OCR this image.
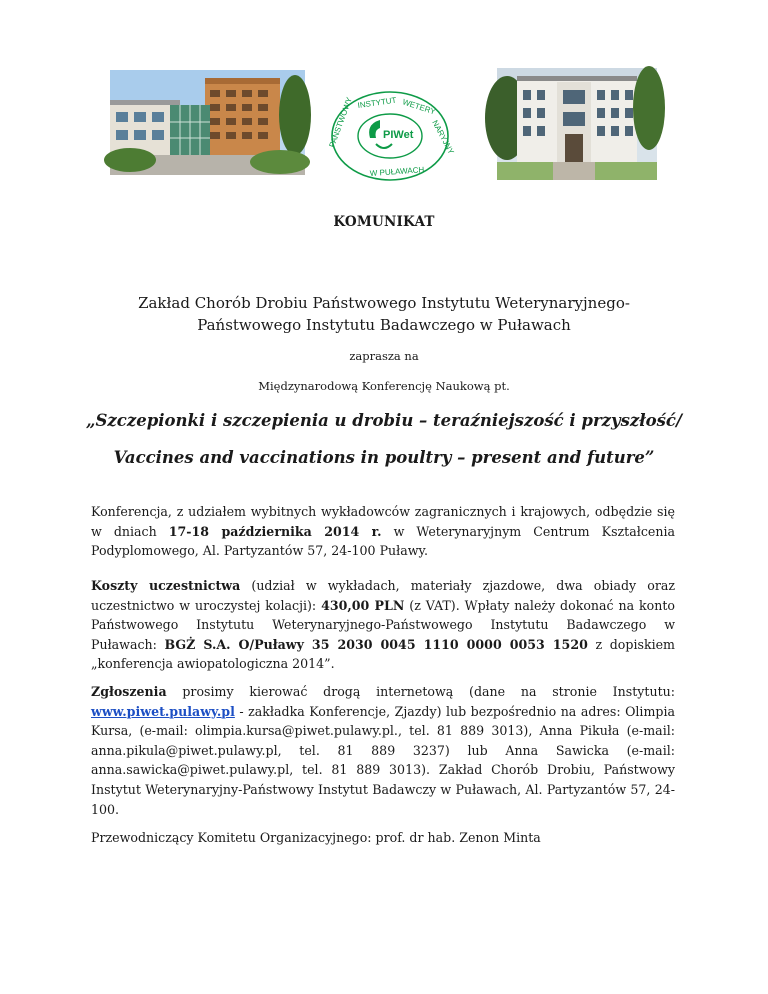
PIWet
INSTYTUT WETERY
NARYJNY
PAŃSTWOWY
W PUŁAWACH
KOMUNIKAT
Zakład Chorób Drobiu Państwowego Instytutu Weterynaryjnego-
Państwowego Instytutu Badawczego w Puławach
zaprasza na
Międzynarodową Konferencję Naukową pt.
„Szczepionki i szczepienia u drobiu – teraźniejszość i przyszłość/
Vaccines and vaccinations in poultry – present and future”

Konferencja, z udziałem wybitnych wykładowców zagranicznych i krajowych, odbędzie się w dniach 17-18 października 2014 r. w Weterynaryjnym Centrum Kształcenia Podyplomowego, Al. Partyzantów 57, 24-100 Puławy.

Koszty uczestnictwa (udział w wykładach, materiały zjazdowe, dwa obiady oraz uczestnictwo w uroczystej kolacji): 430,00 PLN (z VAT). Wpłaty należy dokonać na konto Państwowego Instytutu Weterynaryjnego-Państwowego Instytutu Badawczego w Puławach: BGŻ S.A. O/Puławy 35 2030 0045 1110 0000 0053 1520 z dopiskiem „konferencja awiopatologiczna 2014”.

Zgłoszenia prosimy kierować drogą internetową (dane na stronie Instytutu: www.piwet.pulawy.pl - zakładka Konferencje, Zjazdy) lub bezpośrednio na adres: Olimpia Kursa, (e-mail: olimpia.kursa@piwet.pulawy.pl., tel. 81 889 3013), Anna Pikuła (e-mail: anna.pikula@piwet.pulawy.pl, tel. 81 889 3237) lub Anna Sawicka (e-mail: anna.sawicka@piwet.pulawy.pl, tel. 81 889 3013). Zakład Chorób Drobiu, Państwowy Instytut Weterynaryjny-Państwowy Instytut Badawczy w Puławach, Al. Partyzantów 57, 24-100.

Przewodniczący Komitetu Organizacyjnego: prof. dr hab. Zenon Minta
